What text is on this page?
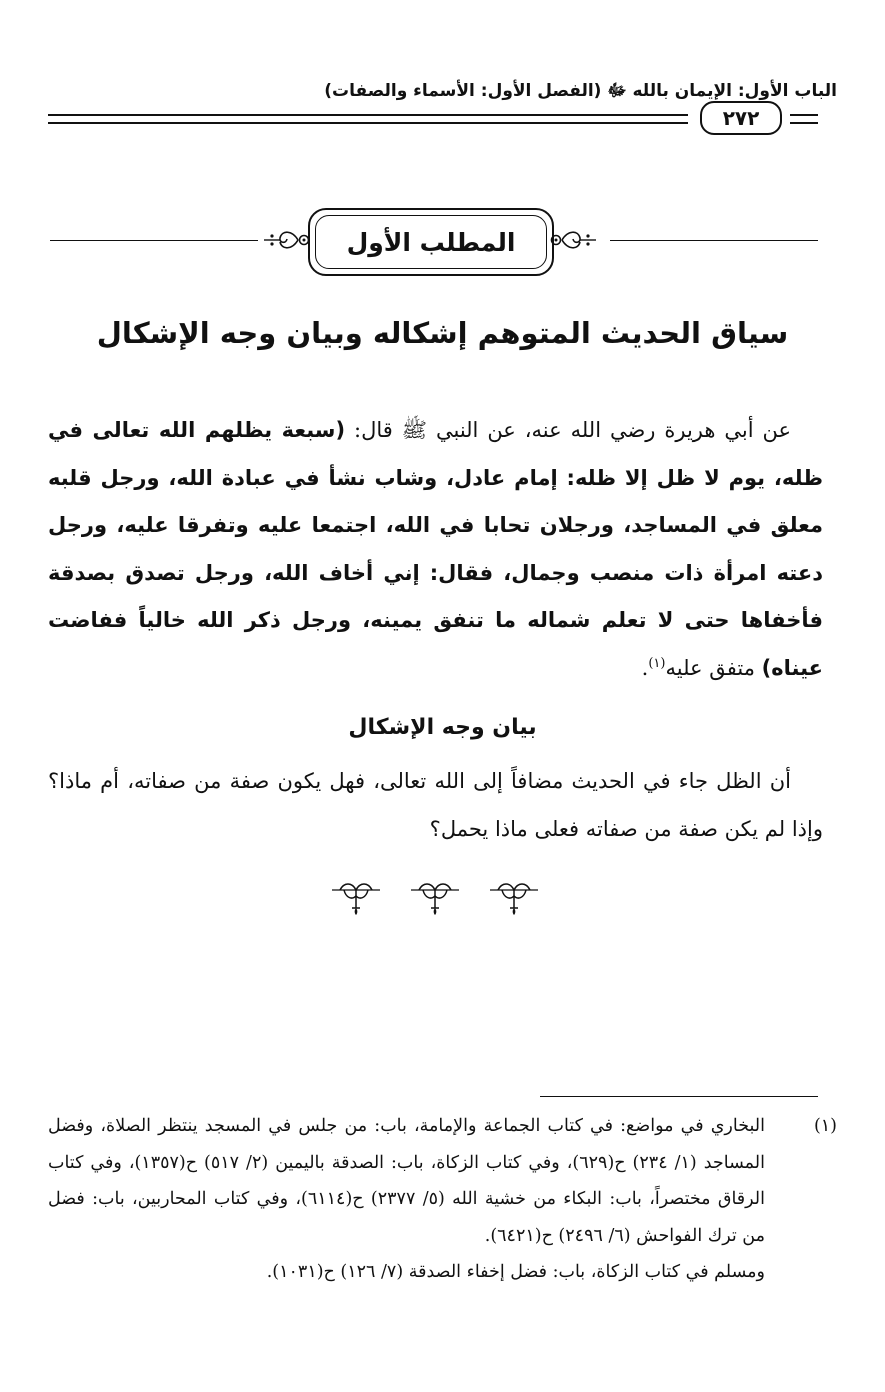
الباب الأول: الإيمان بالله ﷻ (الفصل الأول: الأسماء والصفات)
٢٧٢
المطلب الأول
سياق الحديث المتوهم إشكاله وبيان وجه الإشكال
عن أبي هريرة رضي الله عنه، عن النبي ﷺ قال: (سبعة يظلهم الله تعالى في ظله، يوم لا ظل إلا ظله: إمام عادل، وشاب نشأ في عبادة الله، ورجل قلبه معلق في المساجد، ورجلان تحابا في الله، اجتمعا عليه وتفرقا عليه، ورجل دعته امرأة ذات منصب وجمال، فقال: إني أخاف الله، ورجل تصدق بصدقة فأخفاها حتى لا تعلم شماله ما تنفق يمينه، ورجل ذكر الله خالياً ففاضت عيناه) متفق عليه$^{(١)}$.
بيان وجه الإشكال
أن الظل جاء في الحديث مضافاً إلى الله تعالى، فهل يكون صفة من صفاته، أم ماذا؟ وإذا لم يكن صفة من صفاته فعلى ماذا يحمل؟
(١)
البخاري في مواضع: في كتاب الجماعة والإمامة، باب: من جلس في المسجد ينتظر الصلاة، وفضل المساجد (١/ ٢٣٤) ح(٦٢٩)، وفي كتاب الزكاة، باب: الصدقة باليمين (٢/ ٥١٧) ح(١٣٥٧)، وفي كتاب الرقاق مختصراً، باب: البكاء من خشية الله (٥/ ٢٣٧٧) ح(٦١١٤)، وفي كتاب المحاربين، باب: فضل من ترك الفواحش (٦/ ٢٤٩٦) ح(٦٤٢١).
ومسلم في كتاب الزكاة، باب: فضل إخفاء الصدقة (٧/ ١٢٦) ح(١٠٣١).
